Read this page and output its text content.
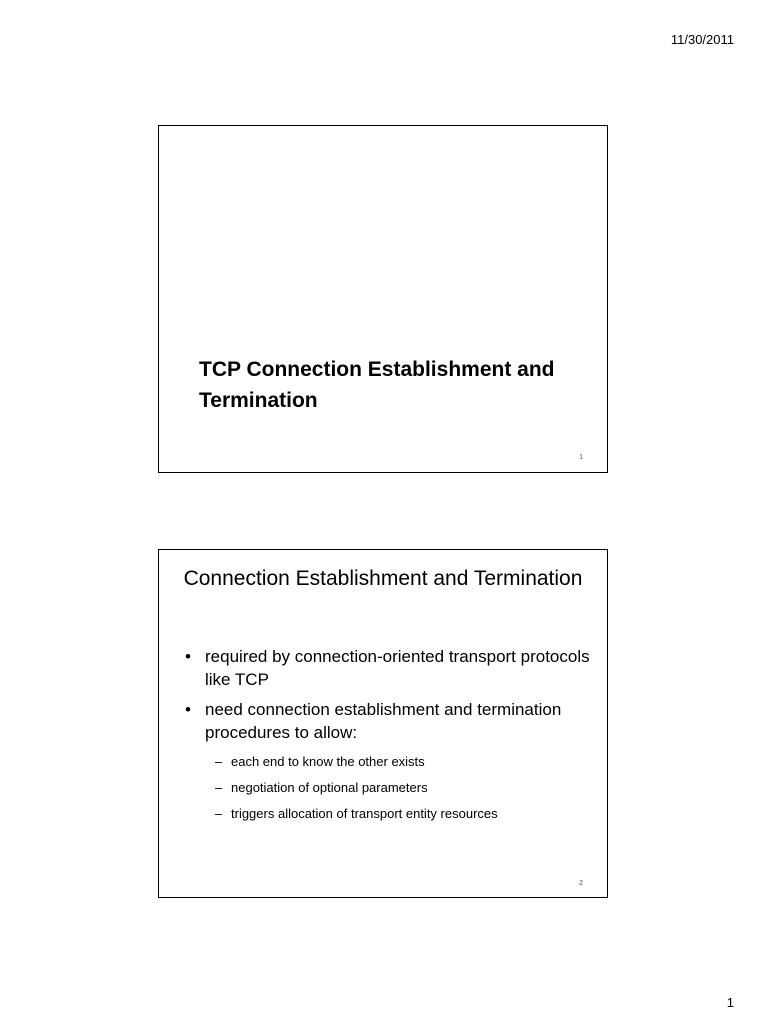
11/30/2011
TCP Connection Establishment and Termination
1
Connection Establishment and Termination
• required by connection-oriented transport protocols like TCP
• need connection establishment and termination procedures to allow:
– each end to know the other exists
– negotiation of optional parameters
– triggers allocation of transport entity resources
2
1
